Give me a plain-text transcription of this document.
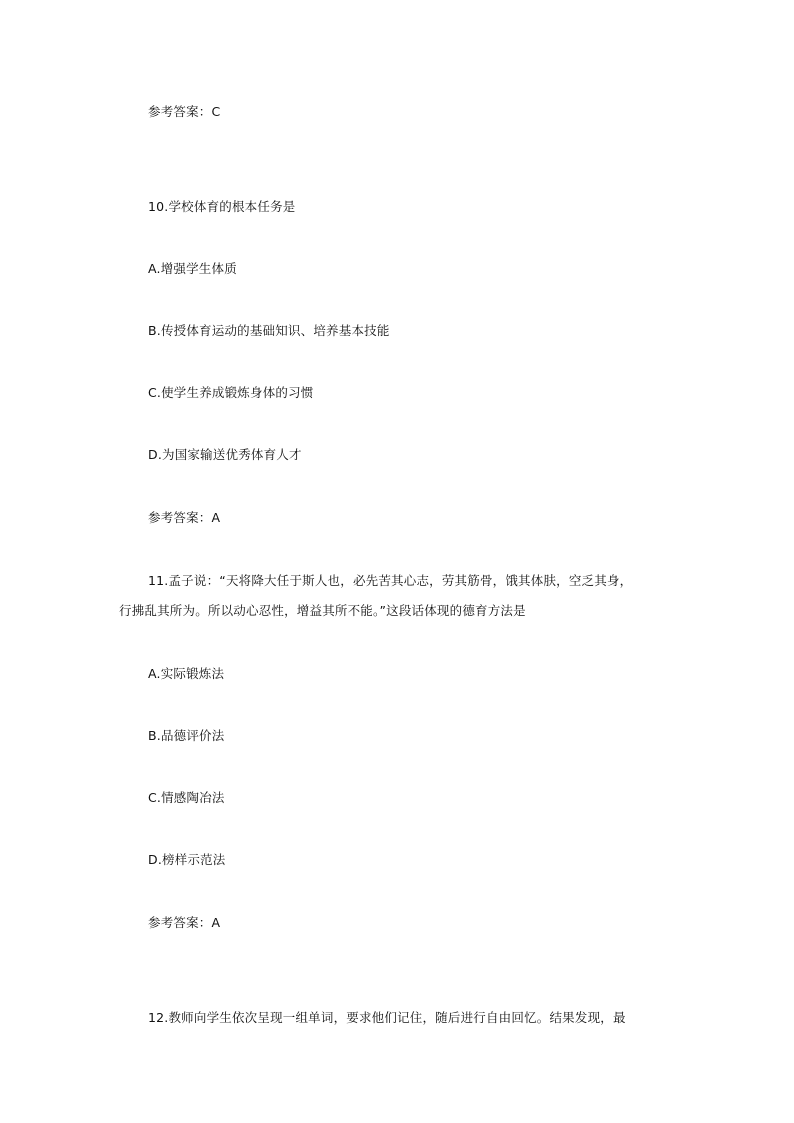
参考答案：C
10.学校体育的根本任务是
A.增强学生体质
B.传授体育运动的基础知识、培养基本技能
C.使学生养成锻炼身体的习惯
D.为国家输送优秀体育人才
参考答案：A
11.孟子说：“天将降大任于斯人也，必先苦其心志，劳其筋骨，饿其体肤，空乏其身，
行拂乱其所为。所以动心忍性，增益其所不能。”这段话体现的德育方法是
A.实际锻炼法
B.品德评价法
C.情感陶冶法
D.榜样示范法
参考答案：A
12.教师向学生依次呈现一组单词，要求他们记住，随后进行自由回忆。结果发现，最
